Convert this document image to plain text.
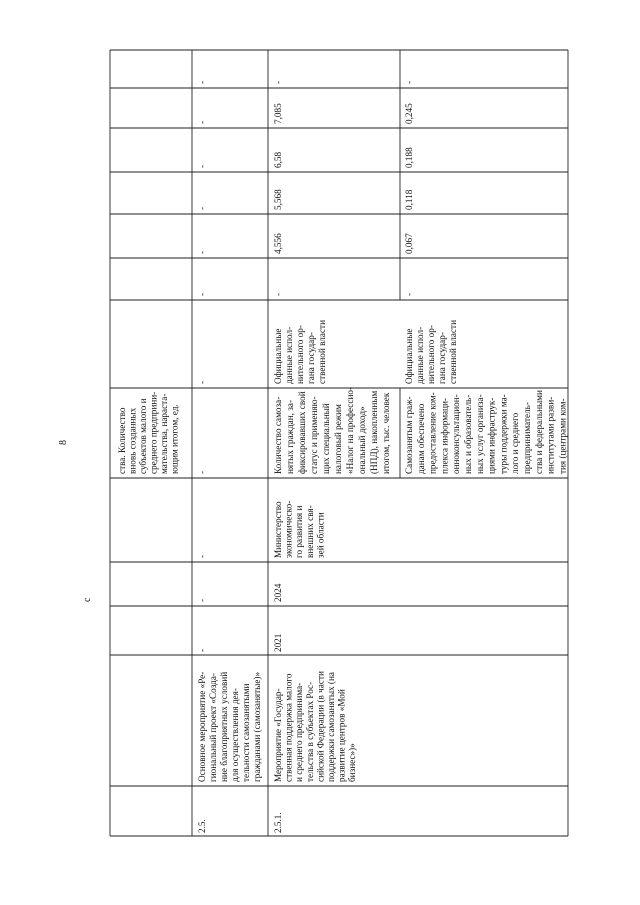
8
с
ства. Количествовновь созданныхсубъектов малого исреднего предприни-мательства, нараста-ющим итогом, ед.
2.5.
Основное мероприятие «Ре-гиональный проект «Созда-ние благоприятных условийдля осуществления дея-тельности самозанятымигражданами (самозанятые)»
-
-
-
-
-
-
-
-
-
-
-
2.5.1.
Мероприятие «Государ-ственная поддержка малогои среднего предпринима-тельства в субъектах Рос-сийской Федерации (в частиподдержки самозанятых (наразвитие центров «Мойбизнес»)»
2021
2024
Министерствоэкономическо-го развития ивнешних свя-зей области
Количество самоза- нятых граждан, за- фиксировавших свой статус и применяю- щих специальный налоговый режим «Налог на профессио- ональный доход» (НПД), накопленным итогом, тыс. человек
Официальныеданные испол-нительного ор-гана государ-ственной власти
-
4,556
5,568
6,58
7,085
-
Самозанятым граж- данам обеспечено предоставление ком- плекса информаци- онноконсультацион- ных и образователь- ных услуг организа- циями инфраструк- туры поддержки ма- лого и среднего предприниматель- ства и федеральными институтами разви- тия (центрами ком-
Официальныеданные испол-нительного ор-гана государ-ственной власти
-
0,067
0,118
0,188
0,245
-
